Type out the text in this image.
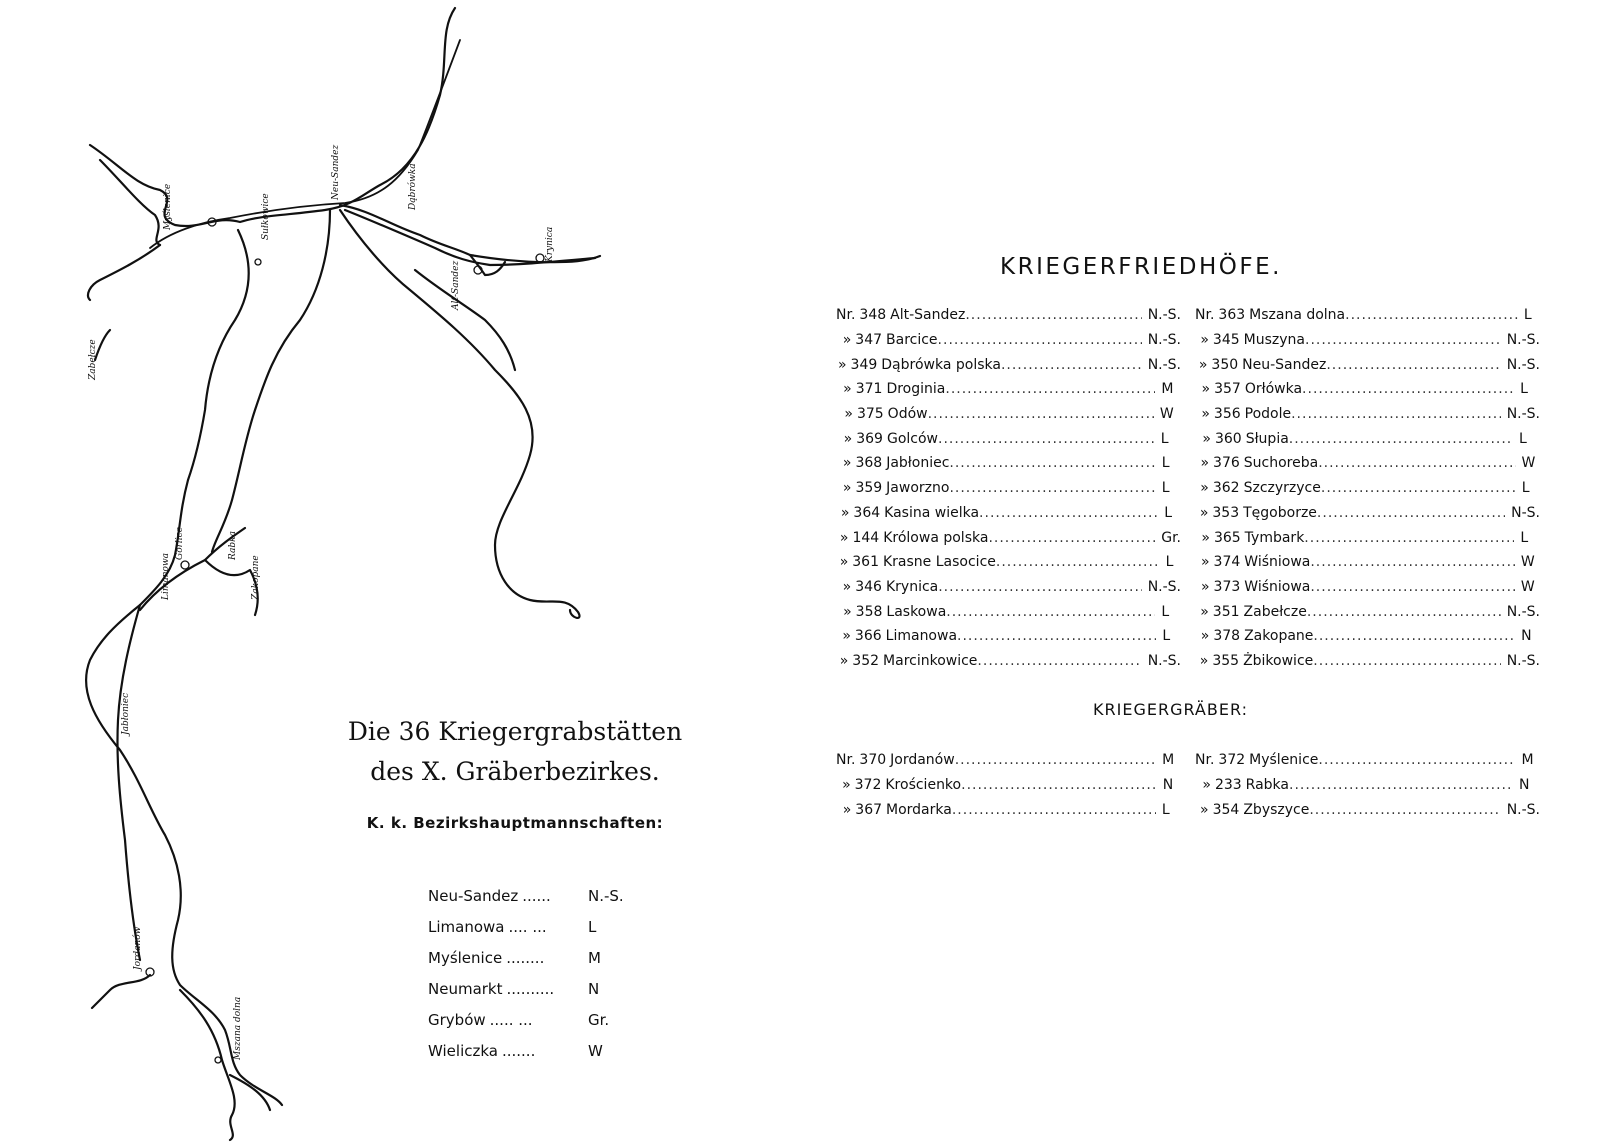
Myślenice
Jordanów
Mszana dolna
Limanowa
Jabłoniec
Alt-Sandez
Neu-Sandez	Dąbrówka
Krynica
Zakopane
Rabka
Sułkowice
Gorlice
Zabełcze
Die 36 Kriegergrabstätten
des X. Gräberbezirkes.
K. k. Bezirkshauptmannschaften:
Neu-Sandez ......	N.-S.
Limanowa .... ...	L
Myślenice ........	M
Neumarkt ..........	N
Grybów ..... ...	Gr.
Wieliczka .......	W
KRIEGERFRIEDHÖFE.
Nr. 348 Alt-Sandez .....	N.-S.
» 347 Barcice .....	N.-S.
» 349 Dąbrówka polska .....	N.-S.
» 371 Droginia .....	M
» 375 Odów .....	W
» 369 Golców .....	L
» 368 Jabłoniec .....	L
» 359 Jaworzno .....	L
» 364 Kasina wielka .....	L
» 144 Królowa polska .....	Gr.
» 361 Krasne Lasocice .....	L
» 346 Krynica .....	N.-S.
» 358 Laskowa .....	L
» 366 Limanowa .....	L
» 352 Marcinkowice .....	N.-S.
Nr. 363 Mszana dolna .....	L
» 345 Muszyna .....	N.-S.
» 350 Neu-Sandez .....	N.-S.
» 357 Orłówka .....	L
» 356 Podole .....	N.-S.
» 360 Słupia .....	L
» 376 Suchoreba .....	W
» 362 Szczyrzyce .....	L
» 353 Tęgoborze .....	N-S.
» 365 Tymbark .....	L
» 374 Wiśniowa .....	W
» 373 Wiśniowa .....	W
» 351 Zabełcze .....	N.-S.
» 378 Zakopane .....	N
» 355 Żbikowice .....	N.-S.
KRIEGERGRÄBER:
Nr. 370 Jordanów .....	M
» 372 Krościenko .....	N
» 367 Mordarka .....	L
Nr. 372 Myślenice .....	M
» 233 Rabka .....	N
» 354 Zbyszyce .....	N.-S.
